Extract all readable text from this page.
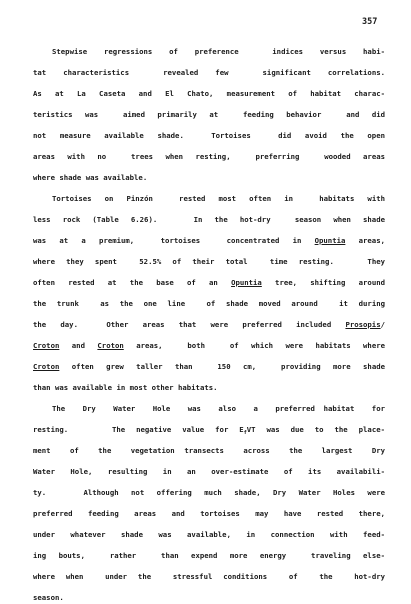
357
Stepwise regressions of preference  indices versus habi-
tat characteristics  revealed few  significant correlations.
As at La Caseta and El Chato, measurement of habitat charac-
teristics was  aimed primarily at  feeding behavior  and did
not measure available shade.  Tortoises  did avoid the open
areas with no  trees when resting,  preferring  wooded areas
where shade was available.
Tortoises on Pinzón  rested most often in  habitats with
less rock (Table 6.26).   In the hot-dry  season when shade
was at a premium,  tortoises  concentrated in Opuntia areas,
where they spent  52.5% of their total  time resting.   They
often rested at the base of an Opuntia tree, shifting around
the trunk  as the one line  of shade moved around  it during
the day.  Other areas that were preferred included Prosopis/
Croton and Croton areas,  both  of which were habitats where
Croton often grew taller than  150 cm,  providing more shade
than was available in most other habitats.
The  Dry  Water  Hole  was  also  a  preferred habitat  for
resting.    The negative value for $E_fVT$ was due to the place-
ment  of  the  vegetation transects  across  the  largest  Dry
Water Hole, resulting in an over-estimate of its availabili-
ty.   Although not offering much shade, Dry Water Holes were
preferred feeding areas and tortoises may have rested there,
under whatever shade was available, in connection with feed-
ing bouts,  rather  than expend more energy  traveling else-
where when  under the  stressful conditions  of  the  hot-dry
season.
